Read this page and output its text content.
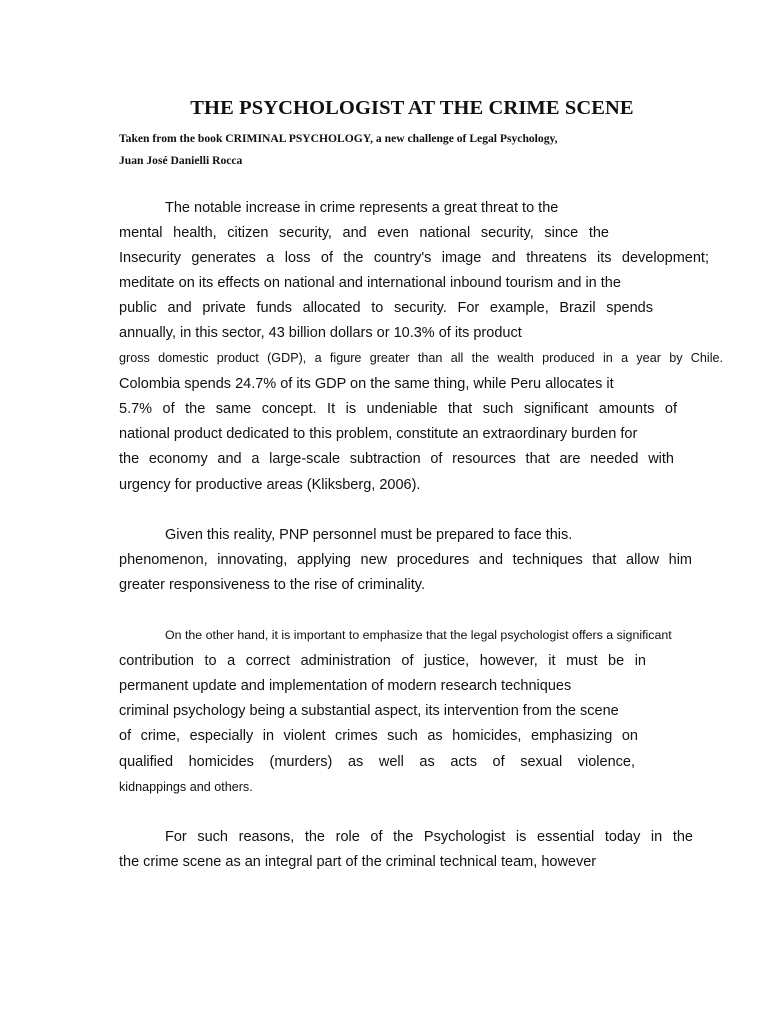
THE PSYCHOLOGIST AT THE CRIME SCENE
Taken from the book CRIMINAL PSYCHOLOGY, a new challenge of Legal Psychology,
Juan José Danielli Rocca
The notable increase in crime represents a great threat to the
mental health, citizen security, and even national security, since the
Insecurity generates a loss of the country's image and threatens its development;
meditate on its effects on national and international inbound tourism and in the
public and private funds allocated to security. For example, Brazil spends
annually, in this sector, 43 billion dollars or 10.3% of its product
gross domestic product (GDP), a figure greater than all the wealth produced in a year by Chile.
Colombia spends 24.7% of its GDP on the same thing, while Peru allocates it
5.7% of the same concept. It is undeniable that such significant amounts of
national product dedicated to this problem, constitute an extraordinary burden for
the economy and a large-scale subtraction of resources that are needed with
urgency for productive areas (Kliksberg, 2006).
Given this reality, PNP personnel must be prepared to face this.
phenomenon, innovating, applying new procedures and techniques that allow him
greater responsiveness to the rise of criminality.
On the other hand, it is important to emphasize that the legal psychologist offers a significant
contribution to a correct administration of justice, however, it must be in
permanent update and implementation of modern research techniques
criminal psychology being a substantial aspect, its intervention from the scene
of crime, especially in violent crimes such as homicides, emphasizing on
qualified homicides (murders) as well as acts of sexual violence,
kidnappings and others.
For such reasons, the role of the Psychologist is essential today in the
the crime scene as an integral part of the criminal technical team, however
